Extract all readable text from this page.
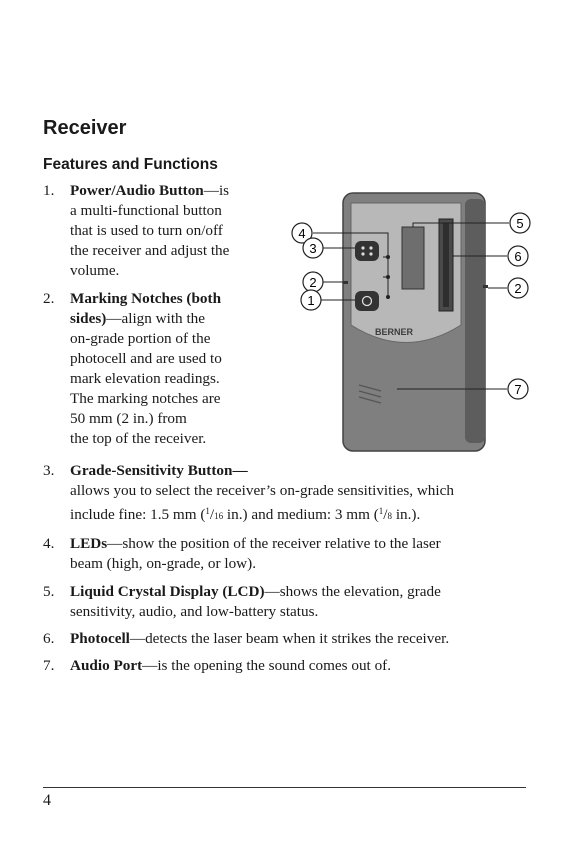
Receiver
Features and Functions
1.	Power/Audio Button—is
a multi-functional button
that is used to turn on/off
the receiver and adjust the
volume.
2.	Marking Notches (both
sides)—align with the
on-grade portion of the
photocell and are used to
mark elevation readings.
The marking notches are
50 mm (2 in.) from
the top of the receiver.
3.	Grade-Sensitivity Button—
allows you to select the receiver’s on-grade sensitivities, which
include fine: 1.5 mm ($^1$/16 in.) and medium: 3 mm ($^1$/8 in.).
4.	LEDs—show the position of the receiver relative to the laser
beam (high, on-grade, or low).
5.	Liquid Crystal Display (LCD)—shows the elevation, grade
sensitivity, audio, and low-battery status.
6.	Photocell—detects the laser beam when it strikes the receiver.
7.	Audio Port—is the opening the sound comes out of.
BERNER
4
3
2
1
5
6
2
7
4
